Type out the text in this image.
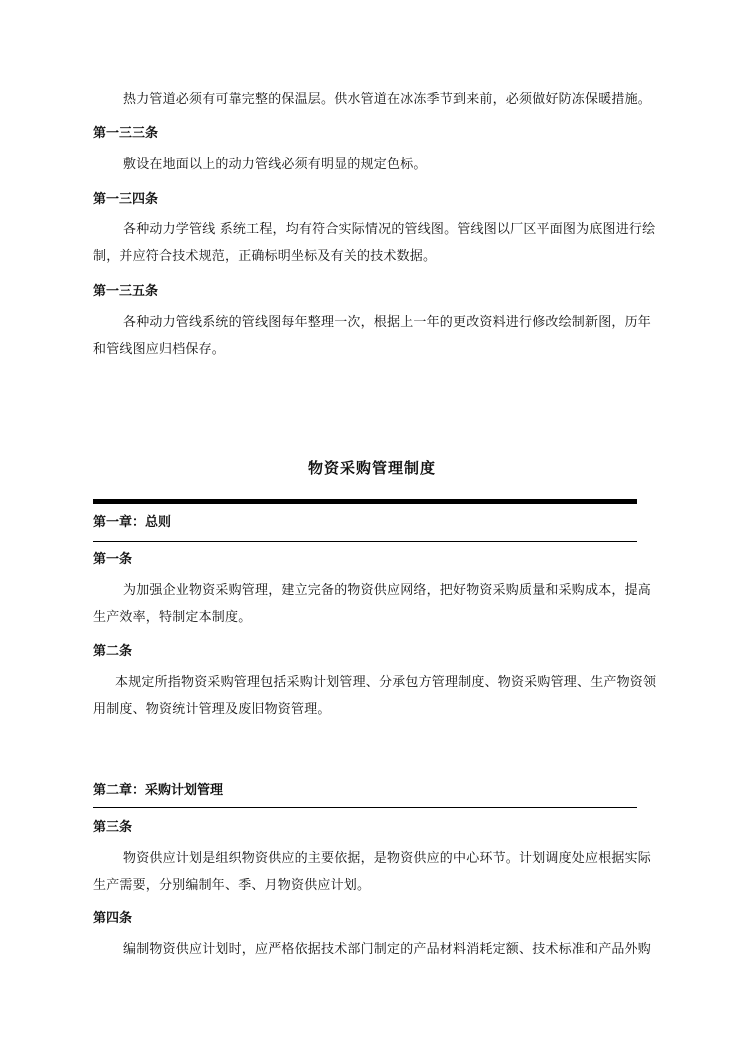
热力管道必须有可靠完整的保温层。供水管道在冰冻季节到来前，必须做好防冻保暖措施。

第一三三条

敷设在地面以上的动力管线必须有明显的规定色标。

第一三四条

各种动力学管线 系统工程，均有符合实际情况的管线图。管线图以厂区平面图为底图进行绘制，并应符合技术规范，正确标明坐标及有关的技术数据。

第一三五条

各种动力管线系统的管线图每年整理一次，根据上一年的更改资料进行修改绘制新图，历年和管线图应归档保存。

物资采购管理制度
第一章：总则
第一条

为加强企业物资采购管理，建立完备的物资供应网络，把好物资采购质量和采购成本，提高生产效率，特制定本制度。

第二条

本规定所指物资采购管理包括采购计划管理、分承包方管理制度、物资采购管理、生产物资领用制度、物资统计管理及废旧物资管理。

第二章：采购计划管理
第三条

物资供应计划是组织物资供应的主要依据，是物资供应的中心环节。计划调度处应根据实际生产需要，分别编制年、季、月物资供应计划。

第四条

编制物资供应计划时，应严格依据技术部门制定的产品材料消耗定额、技术标准和产品外购
